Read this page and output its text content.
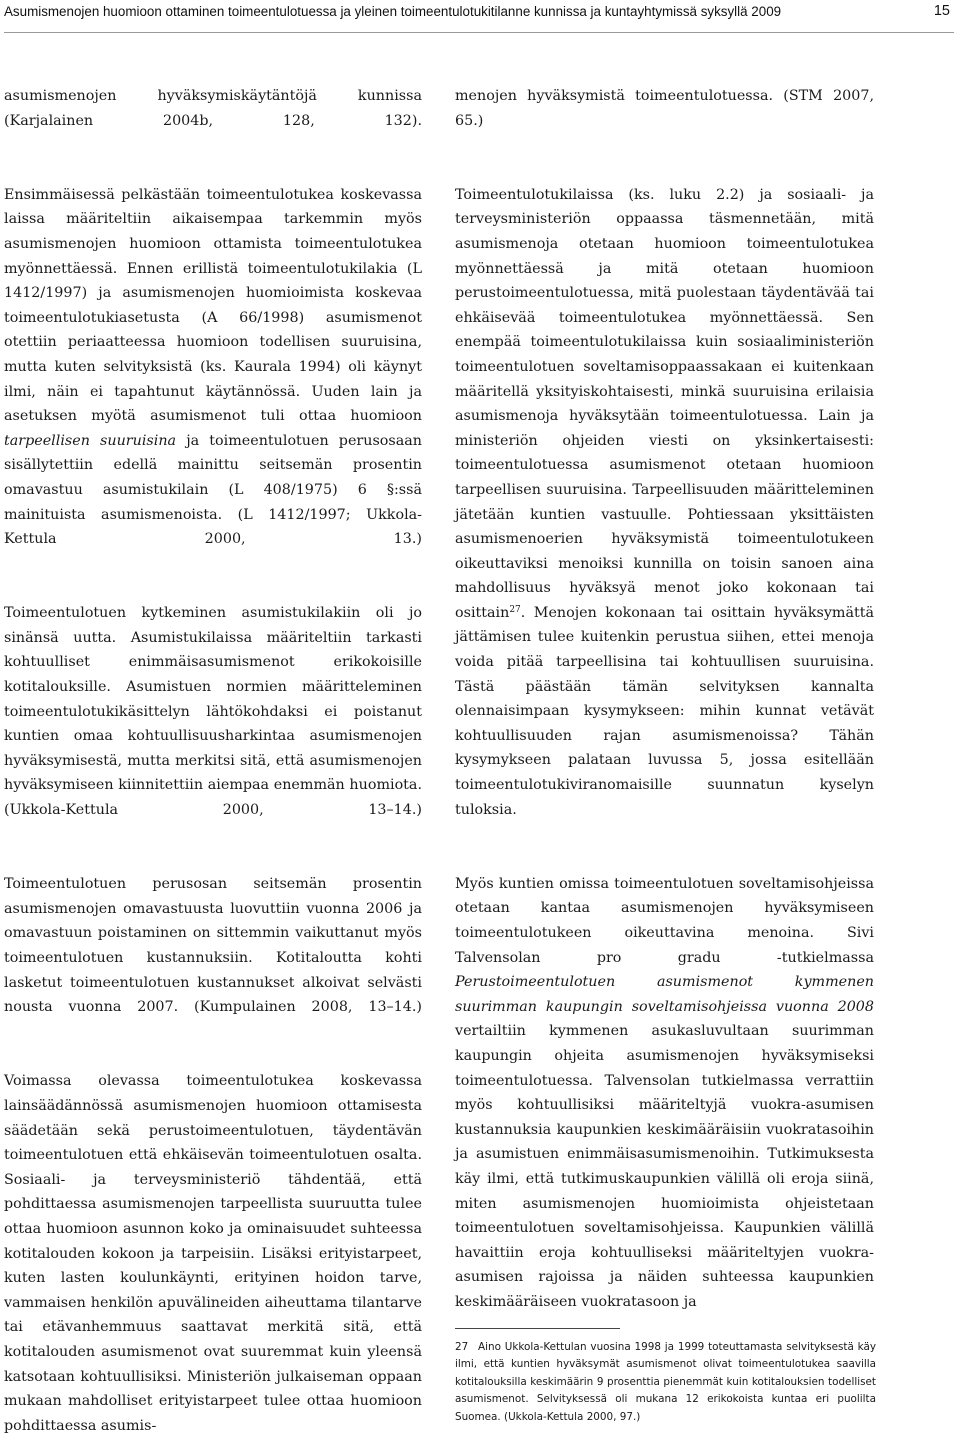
Asumismenojen huomioon ottaminen toimeentulotuessa ja yleinen toimeentulotukitilanne kunnissa ja kuntayhtymissä syksyllä 2009	15

asumismenojen hyväksymiskäytäntöjä kunnissa (Karjalainen 2004b, 128, 132).

Ensimmäisessä pelkästään toimeentulotukea koskevassa laissa määriteltiin aikaisempaa tarkemmin myös asumismenojen huomioon ottamista toimeentulotukea myönnettäessä. Ennen erillistä toimeentulotukilakia (L 1412/1997) ja asumismenojen huomioimista koskevaa toimeentulotukiasetusta (A 66/1998) asumismenot otettiin periaatteessa huomioon todellisen suuruisina, mutta kuten selvityksistä (ks. Kaurala 1994) oli käynyt ilmi, näin ei tapahtunut käytännössä. Uuden lain ja asetuksen myötä asumismenot tuli ottaa huomioon tarpeellisen suuruisina ja toimeentulotuen perusosaan sisällytettiin edellä mainittu seitsemän prosentin omavastuu asumistukilain (L 408/1975) 6 §:ssä mainituista asumismenoista. (L 1412/1997; Ukkola-Kettula 2000, 13.)

Toimeentulotuen kytkeminen asumistukilakiin oli jo sinänsä uutta. Asumistukilaissa määriteltiin tarkasti kohtuulliset enimmäisasumismenot erikokoisille kotitalouksille. Asumistuen normien määritteleminen toimeentulotukikäsittelyn lähtökohdaksi ei poistanut kuntien omaa kohtuullisuusharkintaa asumismenojen hyväksymisestä, mutta merkitsi sitä, että asumismenojen hyväksymiseen kiinnitettiin aiempaa enemmän huomiota. (Ukkola-Kettula 2000, 13–14.)

Toimeentulotuen perusosan seitsemän prosentin asumismenojen omavastuusta luovuttiin vuonna 2006 ja omavastuun poistaminen on sittemmin vaikuttanut myös toimeentulotuen kustannuksiin. Kotitaloutta kohti lasketut toimeentulotuen kustannukset alkoivat selvästi nousta vuonna 2007. (Kumpulainen 2008, 13–14.)

Voimassa olevassa toimeentulotukea koskevassa lainsäädännössä asumismenojen huomioon ottamisesta säädetään sekä perustoimeentulotuen, täydentävän toimeentulotuen että ehkäisevän toimeentulotuen osalta. Sosiaali- ja terveysministeriö tähdentää, että pohdittaessa asumismenojen tarpeellista suuruutta tulee ottaa huomioon asunnon koko ja ominaisuudet suhteessa kotitalouden kokoon ja tarpeisiin. Lisäksi erityistarpeet, kuten lasten koulunkäynti, erityinen hoidon tarve, vammaisen henkilön apuvälineiden aiheuttama tilantarve tai etävanhemmuus saattavat merkitä sitä, että kotitalouden asumismenot ovat suuremmat kuin yleensä katsotaan kohtuullisiksi. Ministeriön julkaiseman oppaan mukaan mahdolliset erityistarpeet tulee ottaa huomioon pohdittaessa asumis-

menojen hyväksymistä toimeentulotuessa. (STM 2007, 65.)

Toimeentulotukilaissa (ks. luku 2.2) ja sosiaali- ja terveysministeriön oppaassa täsmennetään, mitä asumismenoja otetaan huomioon toimeentulotukea myönnettäessä ja mitä otetaan huomioon perustoimeentulotuessa, mitä puolestaan täydentävää tai ehkäisevää toimeentulotukea myönnettäessä. Sen enempää toimeentulotukilaissa kuin sosiaaliministeriön toimeentulotuen soveltamisoppaassakaan ei kuitenkaan määritellä yksityiskohtaisesti, minkä suuruisina erilaisia asumismenoja hyväksytään toimeentulotuessa. Lain ja ministeriön ohjeiden viesti on yksinkertaisesti: toimeentulotuessa asumismenot otetaan huomioon tarpeellisen suuruisina. Tarpeellisuuden määritteleminen jätetään kuntien vastuulle. Pohtiessaan yksittäisten asumismenoerien hyväksymistä toimeentulotukeen oikeuttaviksi menoiksi kunnilla on toisin sanoen aina mahdollisuus hyväksyä menot joko kokonaan tai osittain$^{27}$. Menojen kokonaan tai osittain hyväksymättä jättämisen tulee kuitenkin perustua siihen, ettei menoja voida pitää tarpeellisina tai kohtuullisen suuruisina. Tästä päästään tämän selvityksen kannalta olennaisimpaan kysymykseen: mihin kunnat vetävät kohtuullisuuden rajan asumismenoissa? Tähän kysymykseen palataan luvussa 5, jossa esitellään toimeentulotukiviranomaisille suunnatun kyselyn tuloksia.

Myös kuntien omissa toimeentulotuen soveltamisohjeissa otetaan kantaa asumismenojen hyväksymiseen toimeentulotukeen oikeuttavina menoina. Sivi Talvensolan pro gradu -tutkielmassa Perustoimeentulotuen asumismenot kymmenen suurimman kaupungin soveltamisohjeissa vuonna 2008 vertailtiin kymmenen asukasluvultaan suurimman kaupungin ohjeita asumismenojen hyväksymiseksi toimeentulotuessa. Talvensolan tutkielmassa verrattiin myös kohtuullisiksi määriteltyjä vuokra-asumisen kustannuksia kaupunkien keskimääräisiin vuokratasoihin ja asumistuen enimmäisasumismenoihin. Tutkimuksesta käy ilmi, että tutkimuskaupunkien välillä oli eroja siinä, miten asumismenojen huomioimista ohjeistetaan toimeentulotuen soveltamisohjeissa. Kaupunkien välillä havaittiin eroja kohtuulliseksi määriteltyjen vuokra-asumisen rajoissa ja näiden suhteessa kaupunkien keskimääräiseen vuokratasoon ja

27 Aino Ukkola-Kettulan vuosina 1998 ja 1999 toteuttamasta selvityksestä käy ilmi, että kuntien hyväksymät asumismenot olivat toimeentulotukea saavilla kotitalouksilla keskimäärin 9 prosenttia pienemmät kuin kotitalouksien todelliset asumismenot. Selvityksessä oli mukana 12 erikokoista kuntaa eri puolilta Suomea. (Ukkola-Kettula 2000, 97.)
